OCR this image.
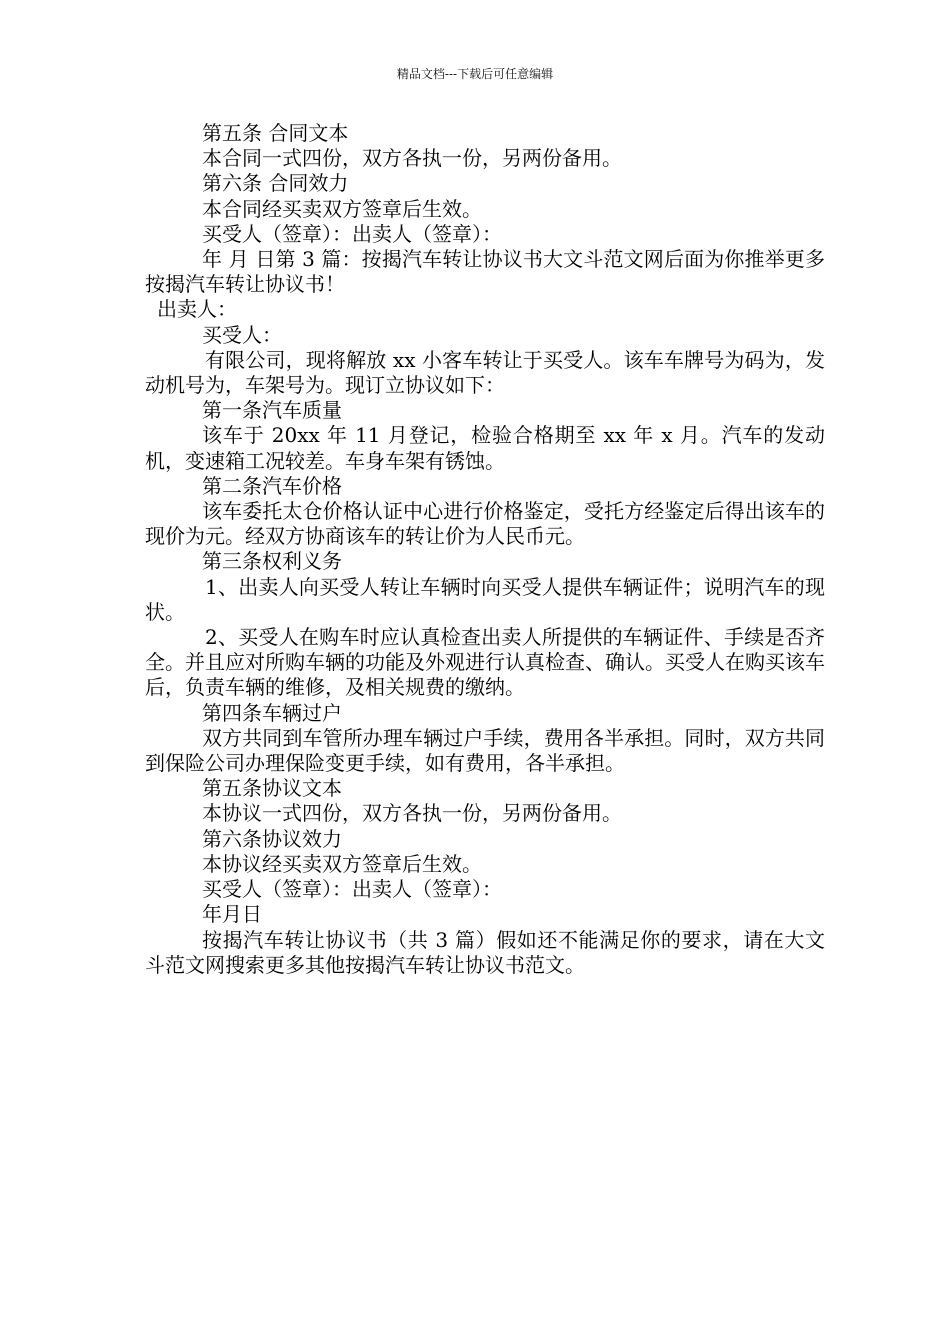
精品文档---下载后可任意编辑

第五条 合同文本

本合同一式四份，双方各执一份，另两份备用。

第六条 合同效力

本合同经买卖双方签章后生效。

买受人（签章）：出卖人（签章）：

年 月 日第 3 篇：按揭汽车转让协议书大文斗范文网后面为你推举更多按揭汽车转让协议书！

出卖人：

买受人：

有限公司，现将解放 xx 小客车转让于买受人。该车车牌号为码为，发动机号为，车架号为。现订立协议如下：

第一条汽车质量

该车于 20xx 年 11 月登记，检验合格期至 xx 年 x 月。汽车的发动机，变速箱工况较差。车身车架有锈蚀。

第二条汽车价格

该车委托太仓价格认证中心进行价格鉴定，受托方经鉴定后得出该车的现价为元。经双方协商该车的转让价为人民币元。

第三条权利义务

1、出卖人向买受人转让车辆时向买受人提供车辆证件；说明汽车的现状。

2、买受人在购车时应认真检查出卖人所提供的车辆证件、手续是否齐全。并且应对所购车辆的功能及外观进行认真检查、确认。买受人在购买该车后，负责车辆的维修，及相关规费的缴纳。

第四条车辆过户

双方共同到车管所办理车辆过户手续，费用各半承担。同时，双方共同到保险公司办理保险变更手续，如有费用，各半承担。

第五条协议文本

本协议一式四份，双方各执一份，另两份备用。

第六条协议效力

本协议经买卖双方签章后生效。

买受人（签章）：出卖人（签章）：

年月日

按揭汽车转让协议书（共 3 篇）假如还不能满足你的要求，请在大文斗范文网搜索更多其他按揭汽车转让协议书范文。
